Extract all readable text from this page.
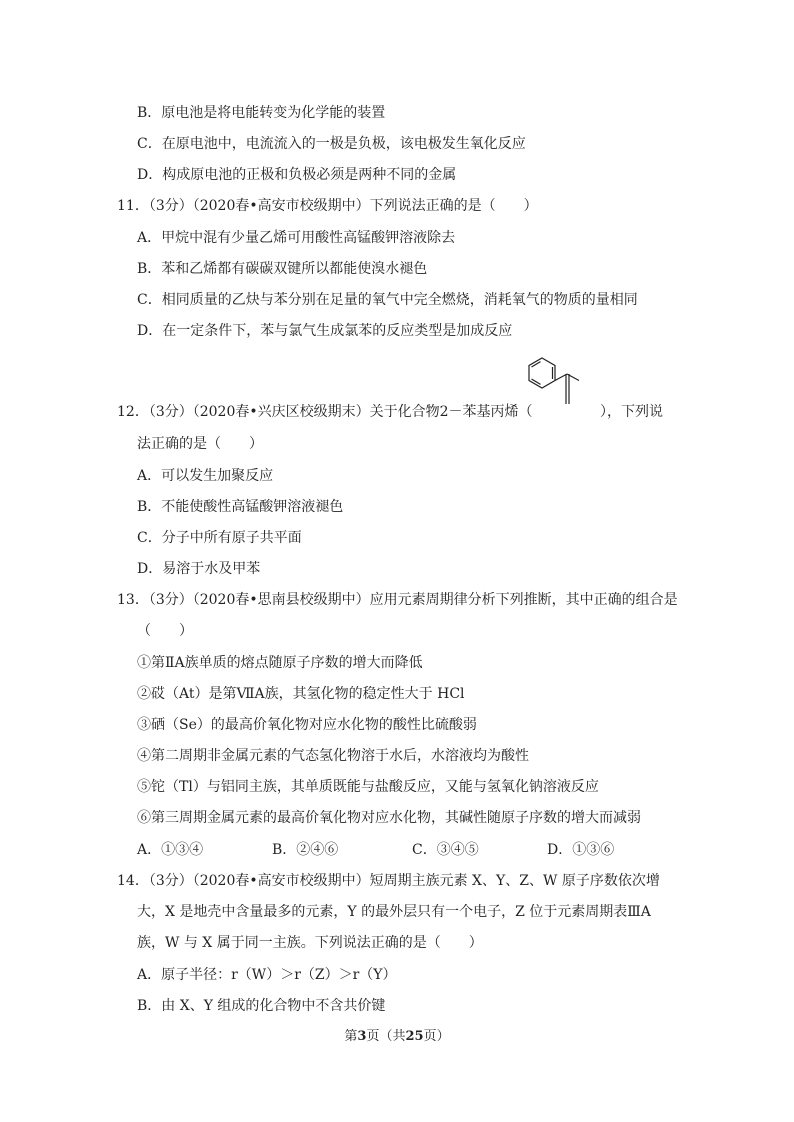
B．原电池是将电能转变为化学能的装置
C．在原电池中，电流流入的一极是负极，该电极发生氧化反应
D．构成原电池的正极和负极必须是两种不同的金属
11．（3分）（2020春•高安市校级期中）下列说法正确的是（　　）
A．甲烷中混有少量乙烯可用酸性高锰酸钾溶液除去
B．苯和乙烯都有碳碳双键所以都能使溴水褪色
C．相同质量的乙炔与苯分别在足量的氧气中完全燃烧，消耗氧气的物质的量相同
D．在一定条件下，苯与氯气生成氯苯的反应类型是加成反应
12．（3分）（2020春•兴庆区校级期末）关于化合物2－苯基丙烯（	），下列说
法正确的是（　　）
A．可以发生加聚反应
B．不能使酸性高锰酸钾溶液褪色
C．分子中所有原子共平面
D．易溶于水及甲苯
13．（3分）（2020春•思南县校级期中）应用元素周期律分析下列推断，其中正确的组合是
（　　）
①第ⅡA族单质的熔点随原子序数的增大而降低
②砹（At）是第ⅦA族，其氢化物的稳定性大于 HCl
③硒（Se）的最高价氧化物对应水化物的酸性比硫酸弱
④第二周期非金属元素的气态氢化物溶于水后，水溶液均为酸性
⑤铊（Tl）与铝同主族，其单质既能与盐酸反应，又能与氢氧化钠溶液反应
⑥第三周期金属元素的最高价氧化物对应水化物，其碱性随原子序数的增大而减弱
A．①③④	B．②④⑥	C．③④⑤	D．①③⑥
14．（3分）（2020春•高安市校级期中）短周期主族元素 X、Y、Z、W 原子序数依次增
大，X 是地壳中含量最多的元素，Y 的最外层只有一个电子，Z 位于元素周期表ⅢA
族，W 与 X 属于同一主族。下列说法正确的是（　　）
A．原子半径：r（W）＞r（Z）＞r（Y）
B．由 X、Y 组成的化合物中不含共价键
第3页（共25页）
